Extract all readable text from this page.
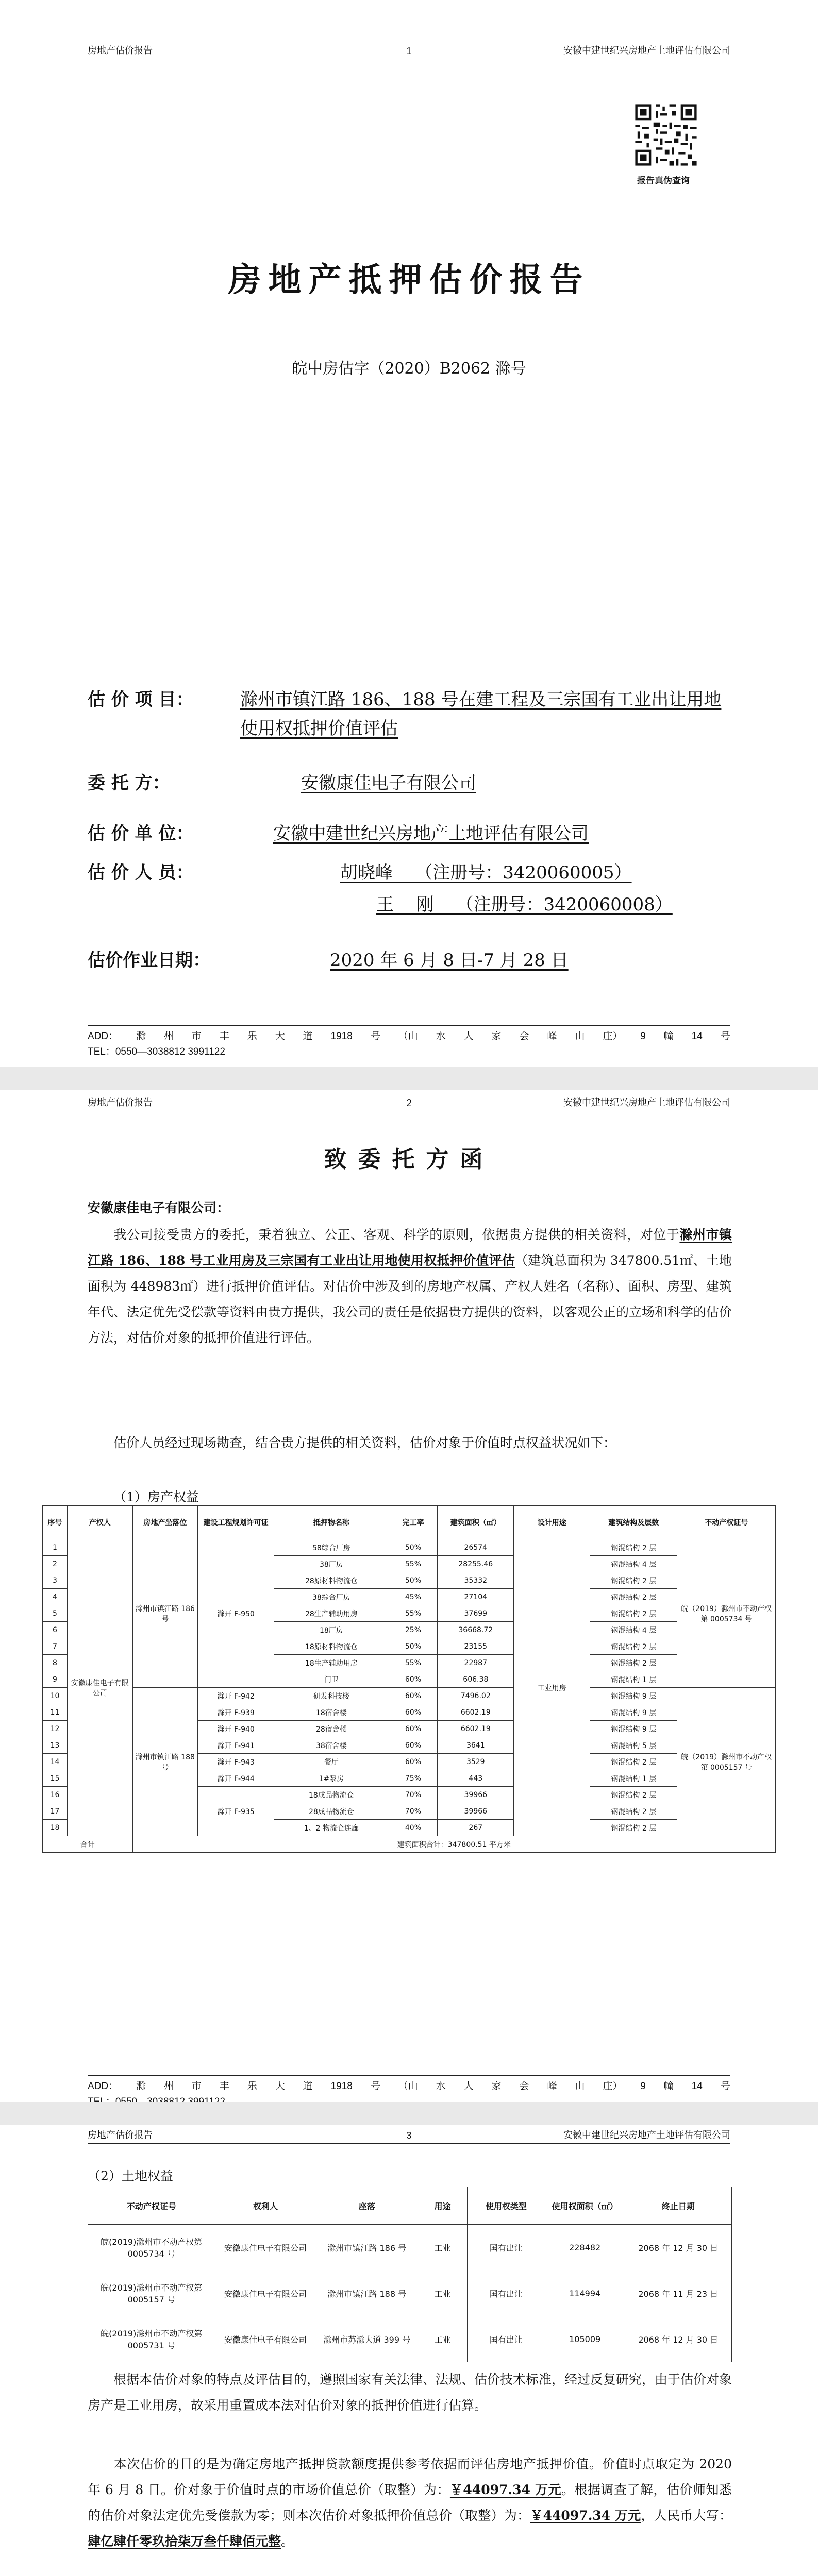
房地产估价报告	1	安徽中建世纪兴房地产土地评估有限公司
报告真伪查询
房地产抵押估价报告
皖中房估字（2020）B2062 滁号
估 价 项 目：	滁州市镇江路 186、188 号在建工程及三宗国有工业出让用地使用权抵押价值评估
委 托 方：	安徽康佳电子有限公司
估 价 单 位：	安徽中建世纪兴房地产土地评估有限公司
估 价 人 员：	胡晓峰    （注册号：3420060005）
王    刚    （注册号：3420060008）
估价作业日期：	2020 年 6 月 8 日-7 月 28 日
ADD： 滁 州 市 丰 乐 大 道 1918 号 （山 水 人 家 会 峰 山 庄） 9 幢 14 号
TEL：0550—3038812 3991122
房地产估价报告	2	安徽中建世纪兴房地产土地评估有限公司
致委托方函
安徽康佳电子有限公司：
我公司接受贵方的委托，秉着独立、公正、客观、科学的原则，依据贵方提供的相关资料，对位于滁州市镇江路 186、188 号工业用房及三宗国有工业出让用地使用权抵押价值评估（建筑总面积为 347800.51㎡、土地面积为 448983㎡）进行抵押价值评估。对估价中涉及到的房地产权属、产权人姓名（名称）、面积、房型、建筑年代、法定优先受偿款等资料由贵方提供，我公司的责任是依据贵方提供的资料，以客观公正的立场和科学的估价方法，对估价对象的抵押价值进行评估。
估价人员经过现场勘查，结合贵方提供的相关资料，估价对象于价值时点权益状况如下：
（1）房产权益
序号	产权人	房地产坐落位	建设工程规划许可证	抵押物名称	完工率	建筑面积（㎡）	设计用途	建筑结构及层数	不动产权证号
1	安徽康佳电子有限公司	滁州市镇江路 186 号	滁开 F-950	58综合厂房	50%	26574	工业用房	钢混结构 2 层	皖（2019）滁州市不动产权第 0005734 号
2				38厂房	55%	28255.46		钢混结构 4 层	
3				28原材料物流仓	50%	35332		钢混结构 2 层	
4				38综合厂房	45%	27104		钢混结构 2 层	
5				28生产辅助用房	55%	37699		钢混结构 2 层	
6				18厂房	25%	36668.72		钢混结构 4 层	
7				18原材料物流仓	50%	23155		钢混结构 2 层	
8				18生产辅助用房	55%	22987		钢混结构 2 层	
9				门卫	60%	606.38		钢混结构 1 层	
10		滁州市镇江路 188 号	滁开 F-942	研发科技楼	60%	7496.02		钢混结构 9 层	皖（2019）滁州市不动产权第 0005157 号
11			滁开 F-939	18宿舍楼	60%	6602.19		钢混结构 9 层	
12			滁开 F-940	28宿舍楼	60%	6602.19		钢混结构 9 层	
13			滁开 F-941	38宿舍楼	60%	3641		钢混结构 5 层	
14			滁开 F-943	餐厅	60%	3529		钢混结构 2 层	
15			滁开 F-944	1#泵房	75%	443		钢混结构 1 层	
16			滁开 F-935	18成品物流仓	70%	39966		钢混结构 2 层	
17				28成品物流仓	70%	39966		钢混结构 2 层	
18				1、2 物流仓连廊	40%	267		钢混结构 2 层	
合计		建筑面积合计：347800.51 平方米							
ADD： 滁 州 市 丰 乐 大 道 1918 号 （山 水 人 家 会 峰 山 庄） 9 幢 14 号
房地产估价报告	3	安徽中建世纪兴房地产土地评估有限公司
（2）土地权益
不动产权证号	权利人	座落	用途	使用权类型	使用权面积（㎡）	终止日期
皖(2019)滁州市不动产权第 0005734 号	安徽康佳电子有限公司	滁州市镇江路 186 号	工业	国有出让	228482	2068 年 12 月 30 日
皖(2019)滁州市不动产权第 0005157 号	安徽康佳电子有限公司	滁州市镇江路 188 号	工业	国有出让	114994	2068 年 11 月 23 日
皖(2019)滁州市不动产权第 0005731 号	安徽康佳电子有限公司	滁州市苏滁大道 399 号	工业	国有出让	105009	2068 年 12 月 30 日
根据本估价对象的特点及评估目的，遵照国家有关法律、法规、估价技术标准，经过反复研究，由于估价对象房产是工业用房，故采用重置成本法对估价对象的抵押价值进行估算。
本次估价的目的是为确定房地产抵押贷款额度提供参考依据而评估房地产抵押价值。价值时点取定为 2020 年 6 月 8 日。价对象于价值时点的市场价值总价（取整）为：￥44097.34 万元。根据调查了解，估价师知悉的估价对象法定优先受偿款为零；则本次估价对象抵押价值总价（取整）为：￥44097.34 万元，人民币大写：肆亿肆仟零玖拾柒万叁仟肆佰元整。
